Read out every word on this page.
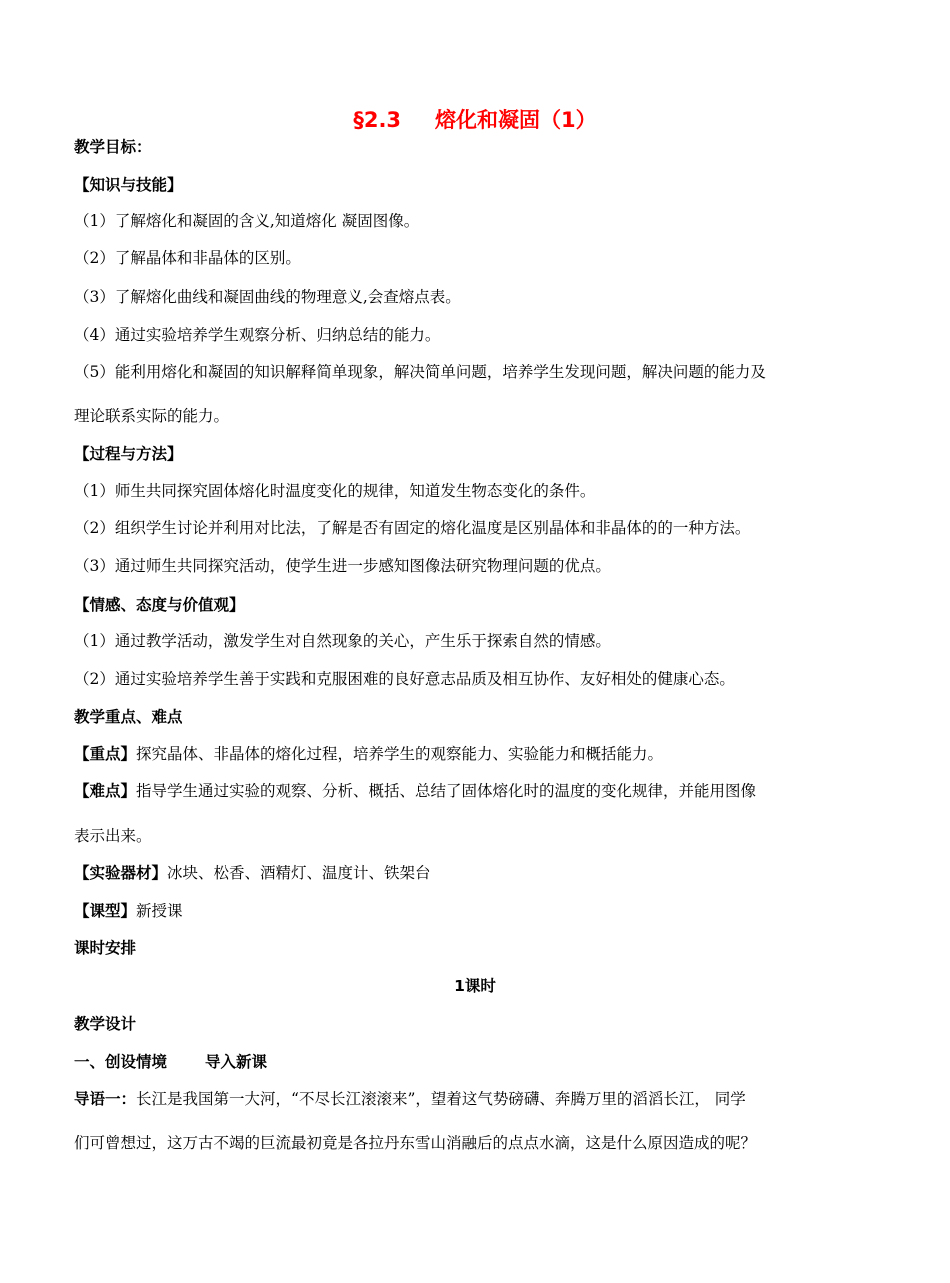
§2.3 熔化和凝固（1）
教学目标：
【知识与技能】
（1）了解熔化和凝固的含义,知道熔化 凝固图像。
（2）了解晶体和非晶体的区别。
（3）了解熔化曲线和凝固曲线的物理意义,会查熔点表。
（4）通过实验培养学生观察分析、归纳总结的能力。
（5）能利用熔化和凝固的知识解释简单现象，解决简单问题，培养学生发现问题，解决问题的能力及
理论联系实际的能力。
【过程与方法】
（1）师生共同探究固体熔化时温度变化的规律，知道发生物态变化的条件。
（2）组织学生讨论并利用对比法，了解是否有固定的熔化温度是区别晶体和非晶体的的一种方法。
（3）通过师生共同探究活动，使学生进一步感知图像法研究物理问题的优点。
【情感、态度与价值观】
（1）通过教学活动，激发学生对自然现象的关心，产生乐于探索自然的情感。
（2）通过实验培养学生善于实践和克服困难的良好意志品质及相互协作、友好相处的健康心态。
教学重点、难点
【重点】探究晶体、非晶体的熔化过程，培养学生的观察能力、实验能力和概括能力。
【难点】指导学生通过实验的观察、分析、概括、总结了固体熔化时的温度的变化规律，并能用图像
表示出来。
【实验器材】冰块、松香、酒精灯、温度计、铁架台
【课型】新授课
课时安排
1课时
教学设计
一、创设情境 导入新课
导语一：长江是我国第一大河，“不尽长江滚滚来”，望着这气势磅礴、奔腾万里的滔滔长江， 同学
们可曾想过，这万古不竭的巨流最初竟是各拉丹东雪山消融后的点点水滴，这是什么原因造成的呢？
